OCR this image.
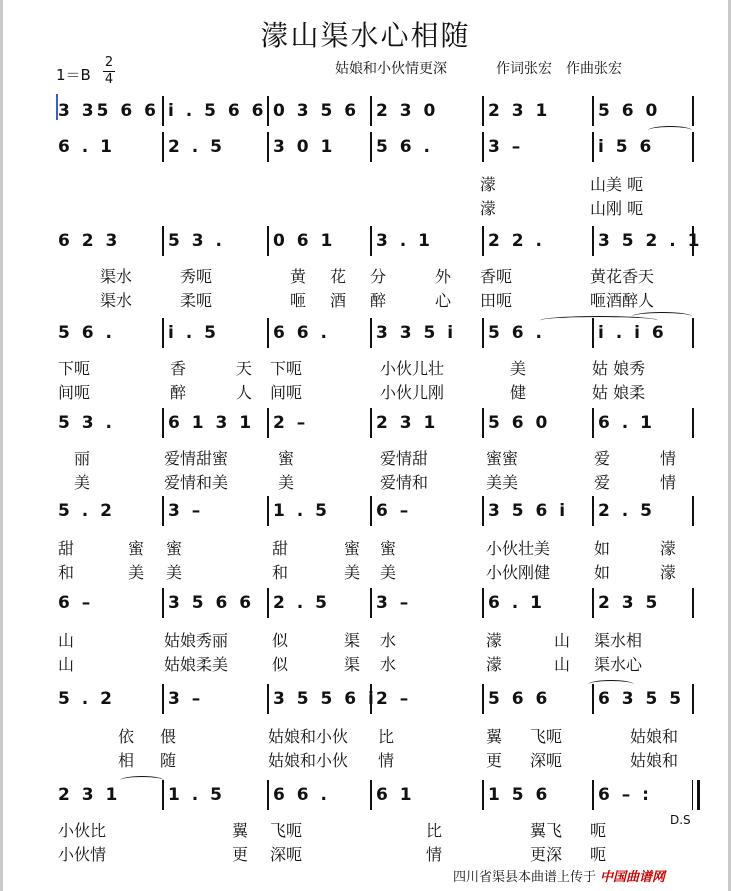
濛山渠水心相随
1＝B
2
4
姑娘和小伙情更深	作词张宏　作曲张宏
3 35 6 6 i . 5 6 6 0 3 5 6 2 3 0	2 3 1	5 6 0
6 . 1	2 . 5	3 0 1 5 6 .	3 –	i 5 6
6 2 3	5 3 .	0 6 1 3 . 1	2 2 .	3 5 2 . 1
5 6 .	i . 5	6 6 .	3 3 5 i 5 6 .	i . i 6
5 3 .	6 1 3 1 2 –	2 3 1	5 6 0	6 . 1
5 . 2	3 –	1 . 5	6 –	3 5 6 i 2 . 5
6 –	3 5 6 6 2 . 5	3 –	6 . 1	2 3 5
5 . 2	3 –	3 5 5 6 i 2 –	5 6 6	6 3 5 5
2 3 1	1 . 5	6 6 .	6 1	1 5 6	6 – :
濛	山美 呃
濛	山刚 呃
渠水	秀呃	黄 花 分	外 香呃	黄花香天
渠水	柔呃	咂 酒 醉	心 田呃	咂酒醉人
下呃	香	天 下呃	小伙儿壮	美	姑 娘秀
间呃	醉	人 间呃	小伙儿刚	健	姑 娘柔
丽	爱情甜蜜	蜜	爱情甜	蜜蜜	爱	情
美	爱情和美	美	爱情和	美美	爱	情
甜	蜜 蜜	甜	蜜 蜜	小伙壮美	如	濛
和	美 美	和	美 美	小伙刚健	如	濛
山	姑娘秀丽	似	渠 水	濛	山 渠水相
山	姑娘柔美	似	渠 水	濛	山 渠水心
依 偎	姑娘和小伙 比	翼 飞呃	姑娘和
相 随	姑娘和小伙 情	更 深呃	姑娘和
小伙比	翼 飞呃	比	翼飞 呃
小伙情	更 深呃	情	更深 呃
D.S
四川省渠县本曲谱上传于 中国曲谱网
